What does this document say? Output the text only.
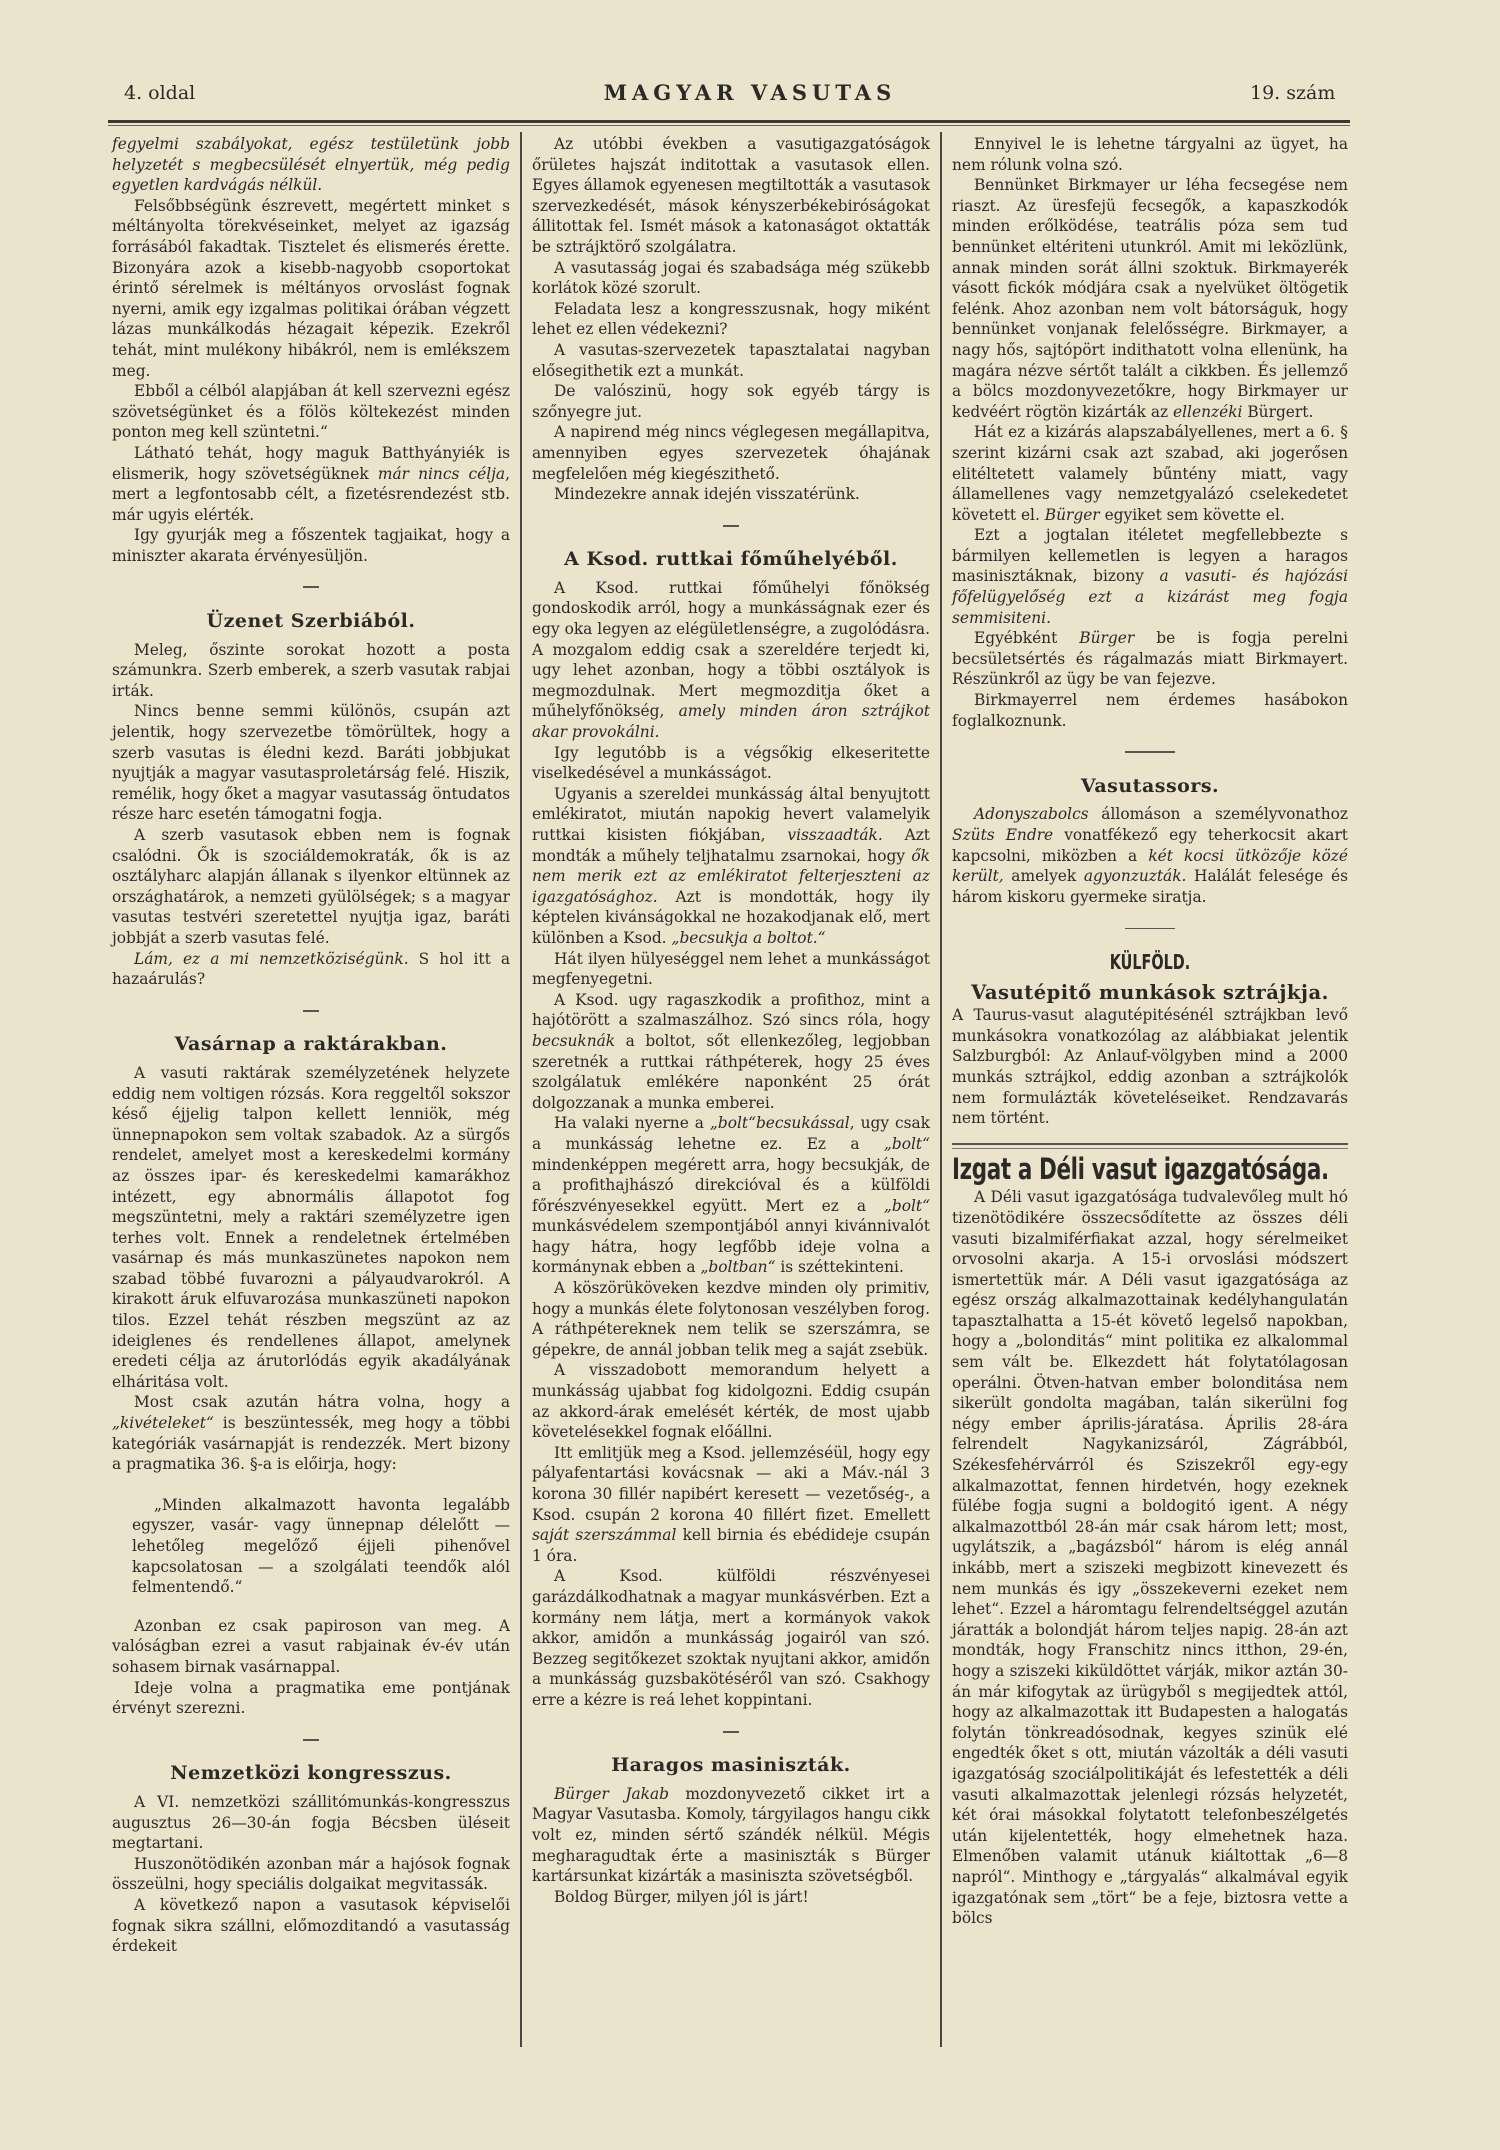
4. oldal	MAGYAR VASUTAS	19. szám

fegyelmi szabályokat, egész testületünk jobb helyzetét s megbecsülését elnyertük, még pedig egyetlen kardvágás nélkül.

Felsőbbségünk észrevett, megértett minket s méltányolta törekvéseinket, melyet az igazság forrásából fakadtak. Tisztelet és elismerés érette. Bizonyára azok a kisebb-nagyobb csoportokat érintő sérelmek is méltányos orvoslást fognak nyerni, amik egy izgalmas politikai órában végzett lázas munkálkodás hézagait képezik. Ezekről tehát, mint mulékony hibákról, nem is emlékszem meg.

Ebből a célból alapjában át kell szervezni egész szövetségünket és a fölös költekezést minden ponton meg kell szüntetni.“

Látható tehát, hogy maguk Batthyányiék is elismerik, hogy szövetségüknek már nincs célja, mert a legfontosabb célt, a fizetésrendezést stb. már ugyis elérték.

Igy gyurják meg a főszentek tagjaikat, hogy a miniszter akarata érvényesüljön.

Üzenet Szerbiából.

Meleg, őszinte sorokat hozott a posta számunkra. Szerb emberek, a szerb vasutak rabjai irták.

Nincs benne semmi különös, csupán azt jelentik, hogy szervezetbe tömörültek, hogy a szerb vasutas is éledni kezd. Baráti jobbjukat nyujtják a magyar vasutasproletárság felé. Hiszik, remélik, hogy őket a magyar vasutasság öntudatos része harc esetén támogatni fogja.

A szerb vasutasok ebben nem is fognak csalódni. Ők is szociáldemokraták, ők is az osztályharc alapján állanak s ilyenkor eltünnek az országhatárok, a nemzeti gyülölségek; s a magyar vasutas testvéri szeretettel nyujtja igaz, baráti jobbját a szerb vasutas felé.

Lám, ez a mi nemzetköziségünk. S hol itt a hazaárulás?

Vasárnap a raktárakban.

A vasuti raktárak személyzetének helyzete eddig nem voltigen rózsás. Kora reggeltől sokszor késő éjjelig talpon kellett lenniök, még ünnepnapokon sem voltak szabadok. Az a sürgős rendelet, amelyet most a kereskedelmi kormány az összes ipar- és kereskedelmi kamarákhoz intézett, egy abnormális állapotot fog megszüntetni, mely a raktári személyzetre igen terhes volt. Ennek a rendeletnek értelmében vasárnap és más munkaszünetes napokon nem szabad többé fuvarozni a pályaudvarokról. A kirakott áruk elfuvarozása munkaszüneti napokon tilos. Ezzel tehát részben megszünt az az ideiglenes és rendellenes állapot, amelynek eredeti célja az árutorlódás egyik akadályának elháritása volt.

Most csak azután hátra volna, hogy a „kivételeket“ is beszüntessék, meg hogy a többi kategóriák vasárnapját is rendezzék. Mert bizony a pragmatika 36. §-a is előirja, hogy:

„Minden alkalmazott havonta legalább egyszer, vasár- vagy ünnepnap délelőtt — lehetőleg megelőző éjjeli pihenővel kapcsolatosan — a szolgálati teendők alól felmentendő.“

Azonban ez csak papiroson van meg. A valóságban ezrei a vasut rabjainak év-év után sohasem birnak vasárnappal.

Ideje volna a pragmatika eme pontjának érvényt szerezni.

Nemzetközi kongresszus.

A VI. nemzetközi szállitómunkás-kongresszus augusztus 26—30-án fogja Bécsben üléseit megtartani.

Huszonötödikén azonban már a hajósok fognak összeülni, hogy speciális dolgaikat megvitassák.

A következő napon a vasutasok képviselői fognak sikra szállni, előmozditandó a vasutasság érdekeit

Az utóbbi években a vasutigazgatóságok őrületes hajszát inditottak a vasutasok ellen. Egyes államok egyenesen megtiltották a vasutasok szervezkedését, mások kényszerbékebiróságokat állitottak fel. Ismét mások a katonaságot oktatták be sztrájktörő szolgálatra.

A vasutasság jogai és szabadsága még szükebb korlátok közé szorult.

Feladata lesz a kongresszusnak, hogy miként lehet ez ellen védekezni?

A vasutas-szervezetek tapasztalatai nagyban elősegithetik ezt a munkát.

De valószinü, hogy sok egyéb tárgy is szőnyegre jut.

A napirend még nincs véglegesen megállapitva, amennyiben egyes szervezetek óhajának megfelelően még kiegészithető.

Mindezekre annak idején visszatérünk.

A Ksod. ruttkai főműhelyéből.

A Ksod. ruttkai főműhelyi főnökség gondoskodik arról, hogy a munkásságnak ezer és egy oka legyen az elégületlenségre, a zugolódásra. A mozgalom eddig csak a szereldére terjedt ki, ugy lehet azonban, hogy a többi osztályok is megmozdulnak. Mert megmozditja őket a műhelyfőnökség, amely minden áron sztrájkot akar provokálni.

Igy legutóbb is a végsőkig elkeseritette viselkedésével a munkásságot.

Ugyanis a szereldei munkásság által benyujtott emlékiratot, miután napokig hevert valamelyik ruttkai kisisten fiókjában, visszaadták. Azt mondták a műhely teljhatalmu zsarnokai, hogy ők nem merik ezt az emlékiratot felterjeszteni az igazgatósághoz. Azt is mondották, hogy ily képtelen kivánságokkal ne hozakodjanak elő, mert különben a Ksod. „becsukja a boltot.“

Hát ilyen hülyeséggel nem lehet a munkásságot megfenyegetni.

A Ksod. ugy ragaszkodik a profithoz, mint a hajótörött a szalmaszálhoz. Szó sincs róla, hogy becsuknák a boltot, sőt ellenkezőleg, legjobban szeretnék a ruttkai ráthpéterek, hogy 25 éves szolgálatuk emlékére naponként 25 órát dolgozzanak a munka emberei.

Ha valaki nyerne a „bolt“becsukással, ugy csak a munkásság lehetne ez. Ez a „bolt“ mindenképpen megérett arra, hogy becsukják, de a profithajhászó direkcióval és a külföldi főrészvényesekkel együtt. Mert ez a „bolt“ munkásvédelem szempontjából annyi kivánnivalót hagy hátra, hogy legfőbb ideje volna a kormánynak ebben a „boltban“ is széttekinteni.

A köszörüköveken kezdve minden oly primitiv, hogy a munkás élete folytonosan veszélyben forog. A ráthpétereknek nem telik se szerszámra, se gépekre, de annál jobban telik meg a saját zsebük.

A visszadobott memorandum helyett a munkásság ujabbat fog kidolgozni. Eddig csupán az akkord-árak emelését kérték, de most ujabb követelésekkel fognak előállni.

Itt emlitjük meg a Ksod. jellemzéséül, hogy egy pályafentartási kovácsnak — aki a Máv.-nál 3 korona 30 fillér napibért keresett — vezetőség-, a Ksod. csupán 2 korona 40 fillért fizet. Emellett saját szerszámmal kell birnia és ebédideje csupán 1 óra.

A Ksod. külföldi részvényesei garázdálkodhatnak a magyar munkásvérben. Ezt a kormány nem látja, mert a kormányok vakok akkor, amidőn a munkásság jogairól van szó. Bezzeg segitőkezet szoktak nyujtani akkor, amidőn a munkásság guzsbakötéséről van szó. Csakhogy erre a kézre is reá lehet koppintani.

Haragos masiniszták.

Bürger Jakab mozdonyvezető cikket irt a Magyar Vasutasba. Komoly, tárgyilagos hangu cikk volt ez, minden sértő szándék nélkül. Mégis megharagudtak érte a masiniszták s Bürger kartársunkat kizárták a masiniszta szövetségből.

Boldog Bürger, milyen jól is járt!

Ennyivel le is lehetne tárgyalni az ügyet, ha nem rólunk volna szó.

Bennünket Birkmayer ur léha fecsegése nem riaszt. Az üresfejü fecsegők, a kapaszkodók minden erőlködése, teatrális póza sem tud bennünket eltériteni utunkról. Amit mi leközlünk, annak minden sorát állni szoktuk. Birkmayerék vásott fickók módjára csak a nyelvüket öltögetik felénk. Ahoz azonban nem volt bátorságuk, hogy bennünket vonjanak felelősségre. Birkmayer, a nagy hős, sajtópört indithatott volna ellenünk, ha magára nézve sértőt talált a cikkben. És jellemző a bölcs mozdonyvezetőkre, hogy Birkmayer ur kedvéért rögtön kizárták az ellenzéki Bürgert.

Hát ez a kizárás alapszabályellenes, mert a 6. § szerint kizárni csak azt szabad, aki jogerősen elitéltetett valamely bűntény miatt, vagy államellenes vagy nemzetgyalázó cselekedetet követett el. Bürger egyiket sem követte el.

Ezt a jogtalan itéletet megfellebbezte s bármilyen kellemetlen is legyen a haragos masinisztáknak, bizony a vasuti- és hajózási főfelügyelőség ezt a kizárást meg fogja semmisiteni.

Egyébként Bürger be is fogja perelni becsületsértés és rágalmazás miatt Birkmayert. Részünkről az ügy be van fejezve.

Birkmayerrel nem érdemes hasábokon foglalkoznunk.

Vasutassors.

Adonyszabolcs állomáson a személyvonathoz Szüts Endre vonatfékező egy teherkocsit akart kapcsolni, miközben a két kocsi ütközője közé került, amelyek agyonzuzták. Halálát felesége és három kiskoru gyermeke siratja.

KÜLFÖLD.
Vasutépitő munkások sztrájkja.

A Taurus-vasut alagutépitésénél sztrájkban levő munkásokra vonatkozólag az alábbiakat jelentik Salzburgból: Az Anlauf-völgyben mind a 2000 munkás sztrájkol, eddig azonban a sztrájkolók nem formulázták követeléseiket. Rendzavarás nem történt.

Izgat a Déli vasut igazgatósága.

A Déli vasut igazgatósága tudvalevőleg mult hó tizenötödikére összecsődítette az összes déli vasuti bizalmiférfiakat azzal, hogy sérelmeiket orvosolni akarja. A 15-i orvoslási módszert ismertettük már. A Déli vasut igazgatósága az egész ország alkalmazottainak kedélyhangulatán tapasztalhatta a 15-ét követő legelső napokban, hogy a „bolonditás“ mint politika ez alkalommal sem vált be. Elkezdett hát folytatólagosan operálni. Ötven-hatvan ember bolonditása nem sikerült gondolta magában, talán sikerülni fog négy ember április-járatása. Április 28-ára felrendelt Nagykanizsáról, Zágrábból, Székesfehérvárról és Sziszekről egy-egy alkalmazottat, fennen hirdetvén, hogy ezeknek fülébe fogja sugni a boldogitó igent. A négy alkalmazottból 28-án már csak három lett; most, ugylátszik, a „bagázsból“ három is elég annál inkább, mert a sziszeki megbizott kinevezett és nem munkás és igy „összekeverni ezeket nem lehet“. Ezzel a háromtagu felrendeltséggel azután járatták a bolondját három teljes napig. 28-án azt mondták, hogy Franschitz nincs itthon, 29-én, hogy a sziszeki kiküldöttet várják, mikor aztán 30-án már kifogytak az ürügyből s megijedtek attól, hogy az alkalmazottak itt Budapesten a halogatás folytán tönkreadósodnak, kegyes szinük elé engedték őket s ott, miután vázolták a déli vasuti igazgatóság szociálpolitikáját és lefestették a déli vasuti alkalmazottak jelenlegi rózsás helyzetét, két órai másokkal folytatott telefonbeszélgetés után kijelentették, hogy elmehetnek haza. Elmenőben valamit utánuk kiáltottak „6—8 napról“. Minthogy e „tárgyalás“ alkalmával egyik igazgatónak sem „tört“ be a feje, biztosra vette a bölcs
